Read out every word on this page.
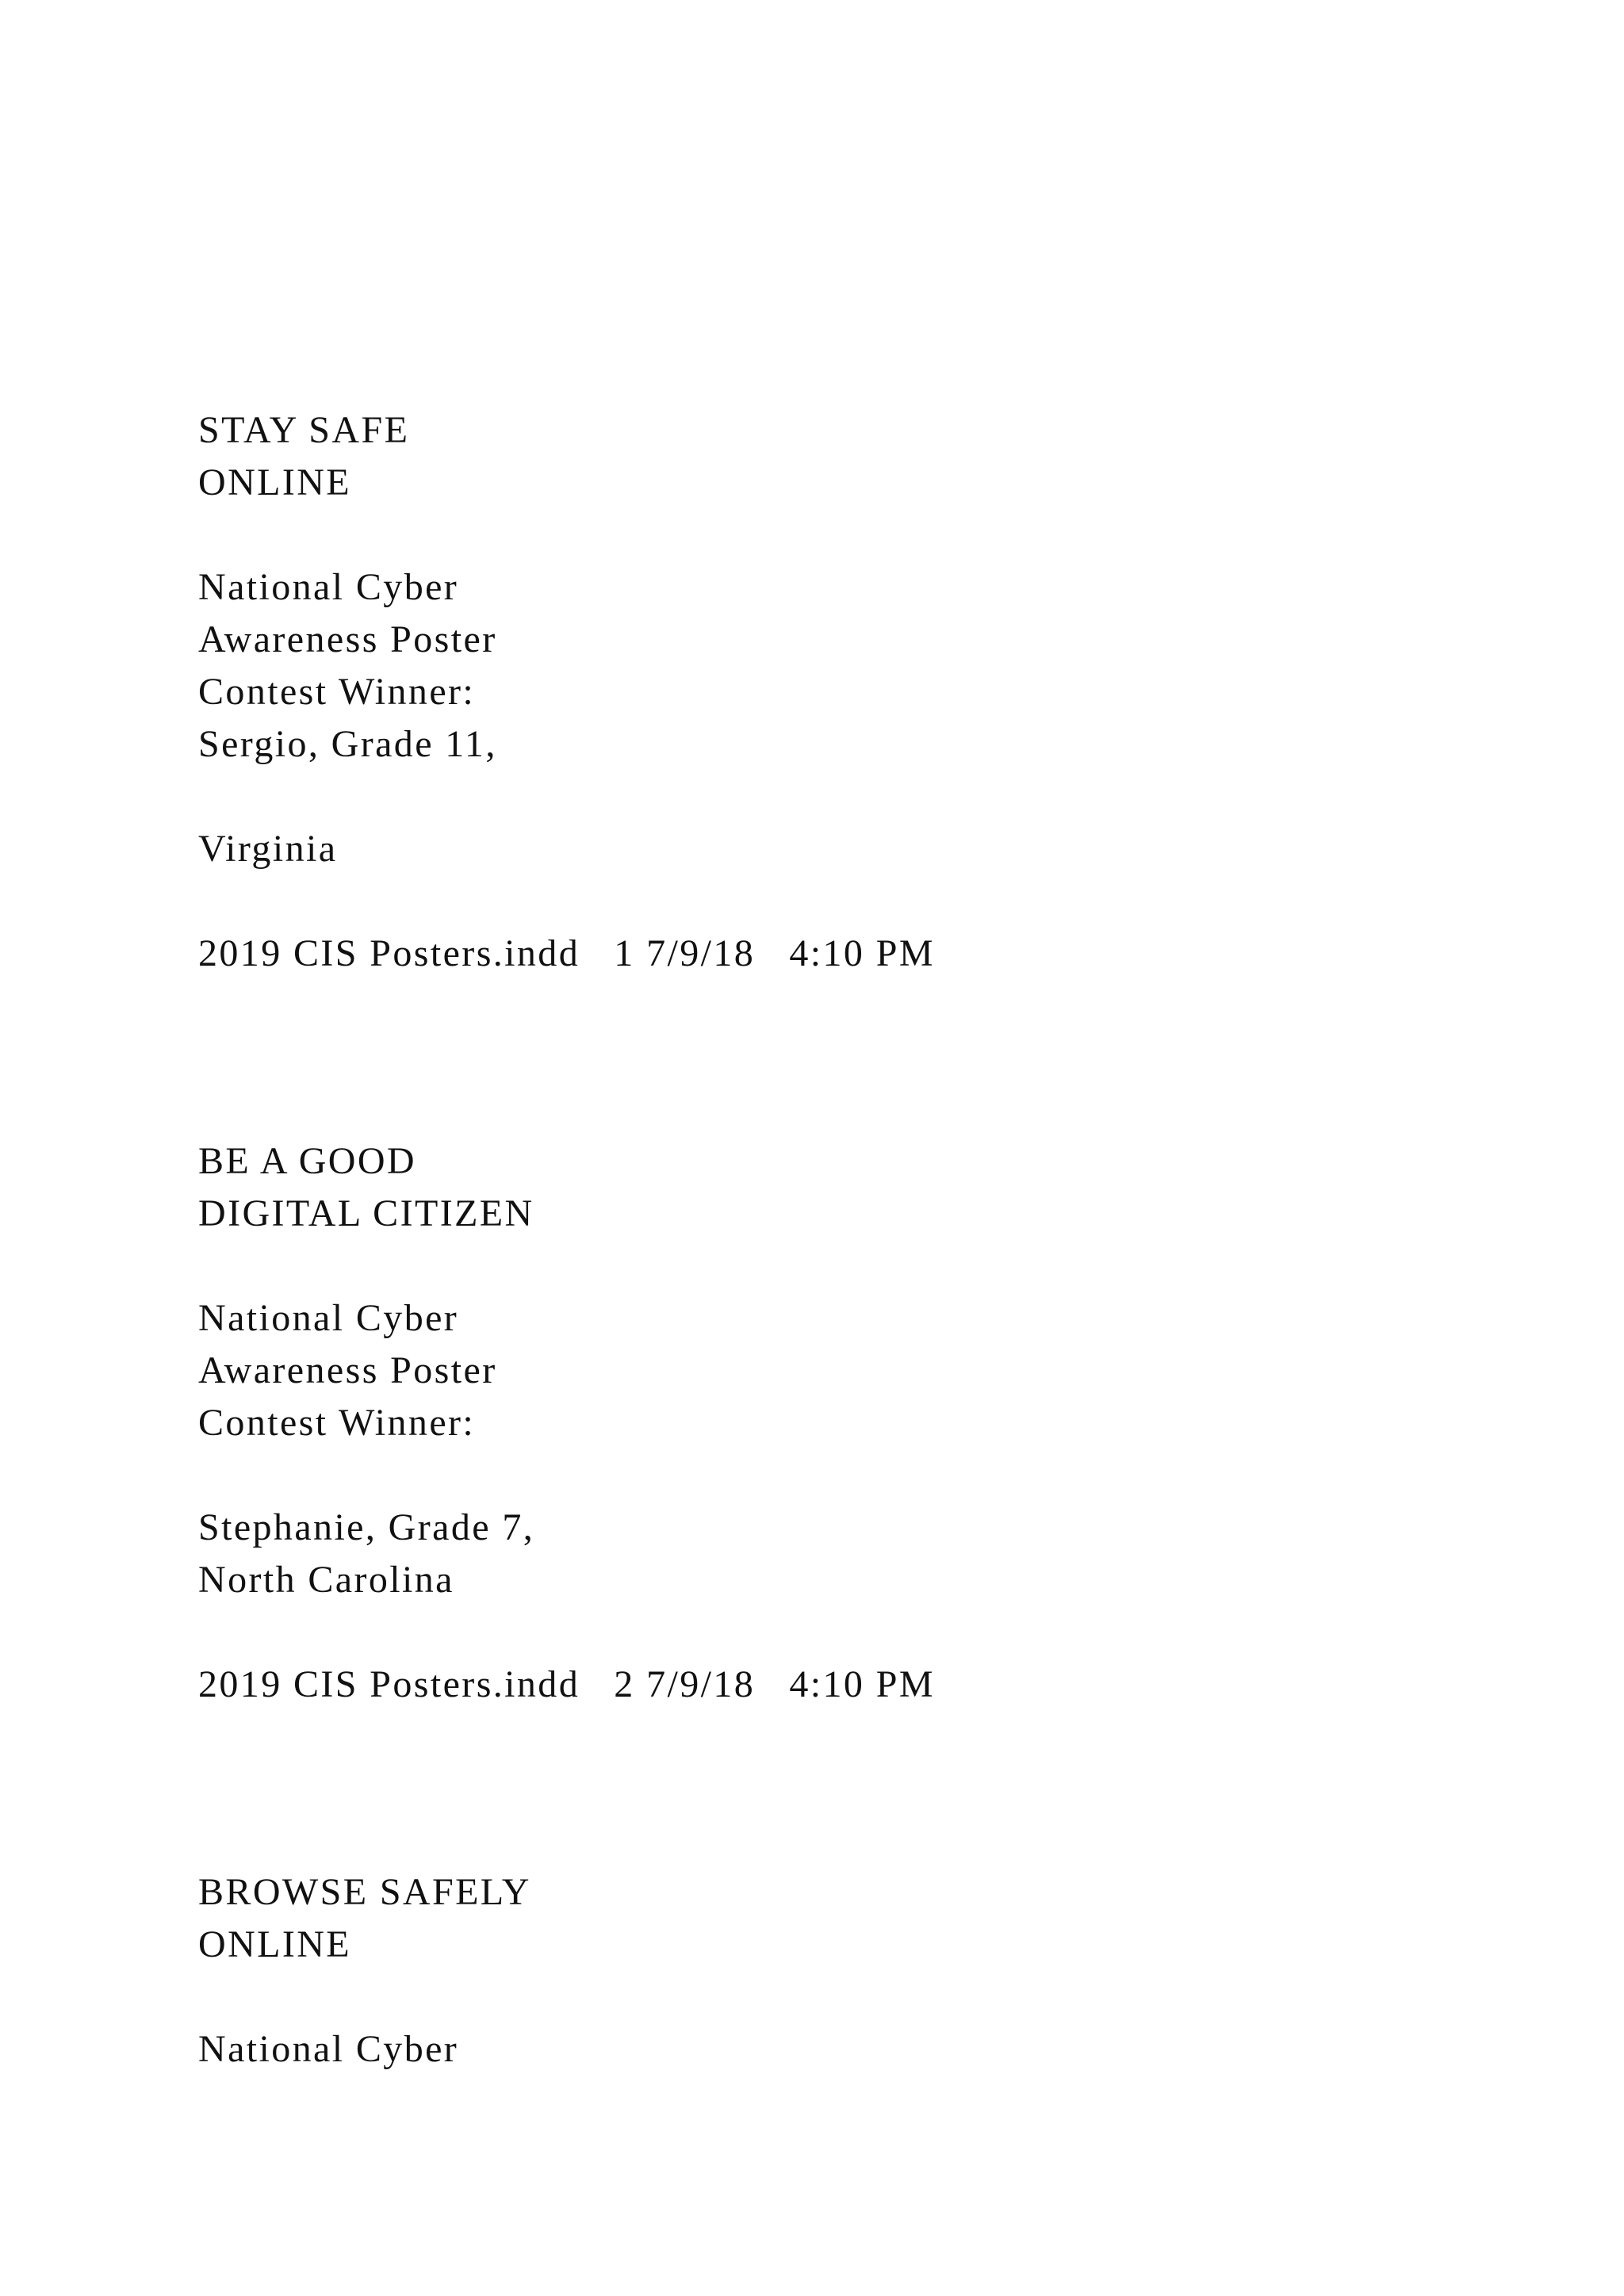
STAY SAFE
ONLINE
National Cyber
Awareness Poster
Contest Winner:
Sergio, Grade 11,
Virginia
2019 CIS Posters.indd   1 7/9/18   4:10 PM
BE A GOOD
DIGITAL CITIZEN
National Cyber
Awareness Poster
Contest Winner:
Stephanie, Grade 7,
North Carolina
2019 CIS Posters.indd   2 7/9/18   4:10 PM
BROWSE SAFELY
ONLINE
National Cyber
